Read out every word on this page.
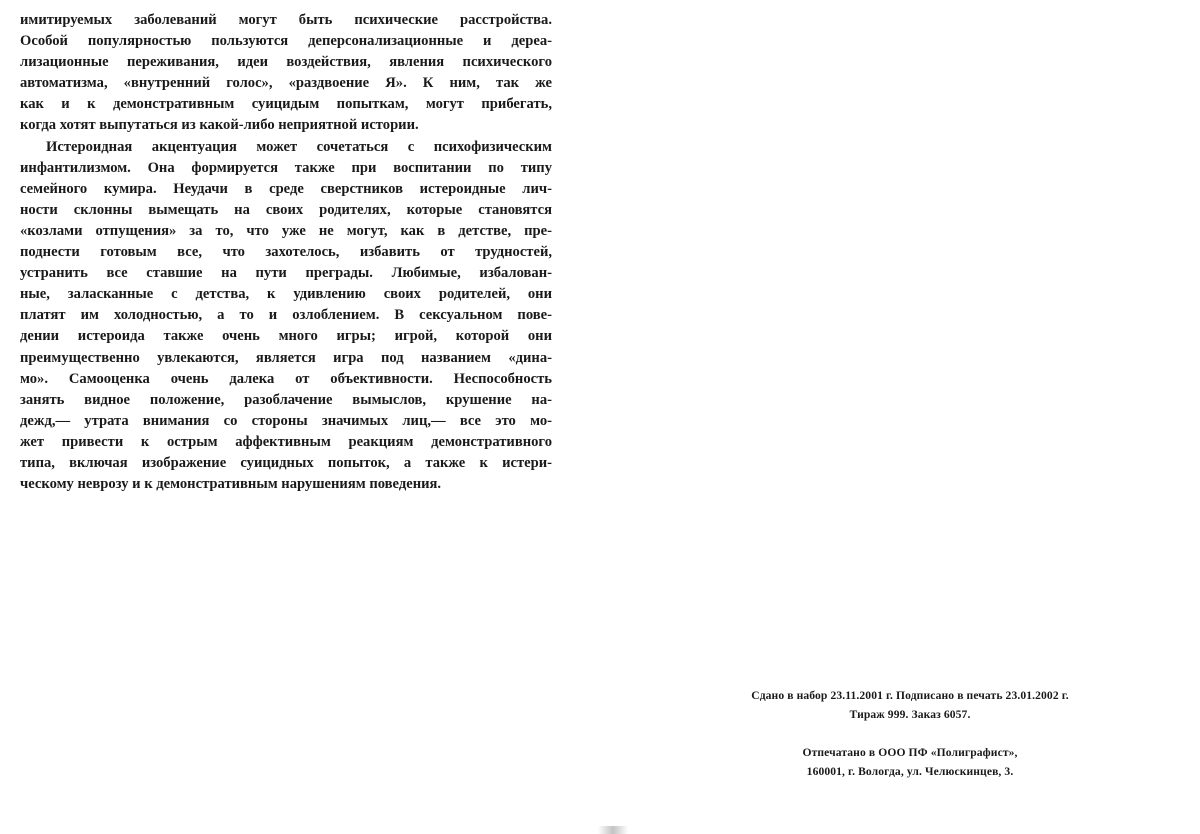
имитируемых заболеваний могут быть психические расстройства.
Особой популярностью пользуются деперсонализационные и дереа-
лизационные переживания, идеи воздействия, явления психического
автоматизма, «внутренний голос», «раздвоение Я». К ним, так же
как и к демонстративным суицидым попыткам, могут прибегать,
когда хотят выпутаться из какой-либо неприятной истории.
Истероидная акцентуация может сочетаться с психофизическим
инфантилизмом. Она формируется также при воспитании по типу
семейного кумира. Неудачи в среде сверстников истероидные лич-
ности склонны вымещать на своих родителях, которые становятся
«козлами отпущения» за то, что уже не могут, как в детстве, пре-
поднести готовым все, что захотелось, избавить от трудностей,
устранить все ставшие на пути преграды. Любимые, избалован-
ные, заласканные с детства, к удивлению своих родителей, они
платят им холодностью, а то и озлоблением. В сексуальном пове-
дении истероида также очень много игры; игрой, которой они
преимущественно увлекаются, является игра под названием «дина-
мо». Самооценка очень далека от объективности. Неспособность
занять видное положение, разоблачение вымыслов, крушение на-
дежд,— утрата внимания со стороны значимых лиц,— все это мо-
жет привести к острым аффективным реакциям демонстративного
типа, включая изображение суицидных попыток, а также к истери-
ческому неврозу и к демонстративным нарушениям поведения.
Сдано в набор 23.11.2001 г. Подписано в печать 23.01.2002 г.
Тираж 999. Заказ 6057.
Отпечатано в ООО ПФ «Полиграфист»,
160001, г. Вологда, ул. Челюскинцев, 3.
